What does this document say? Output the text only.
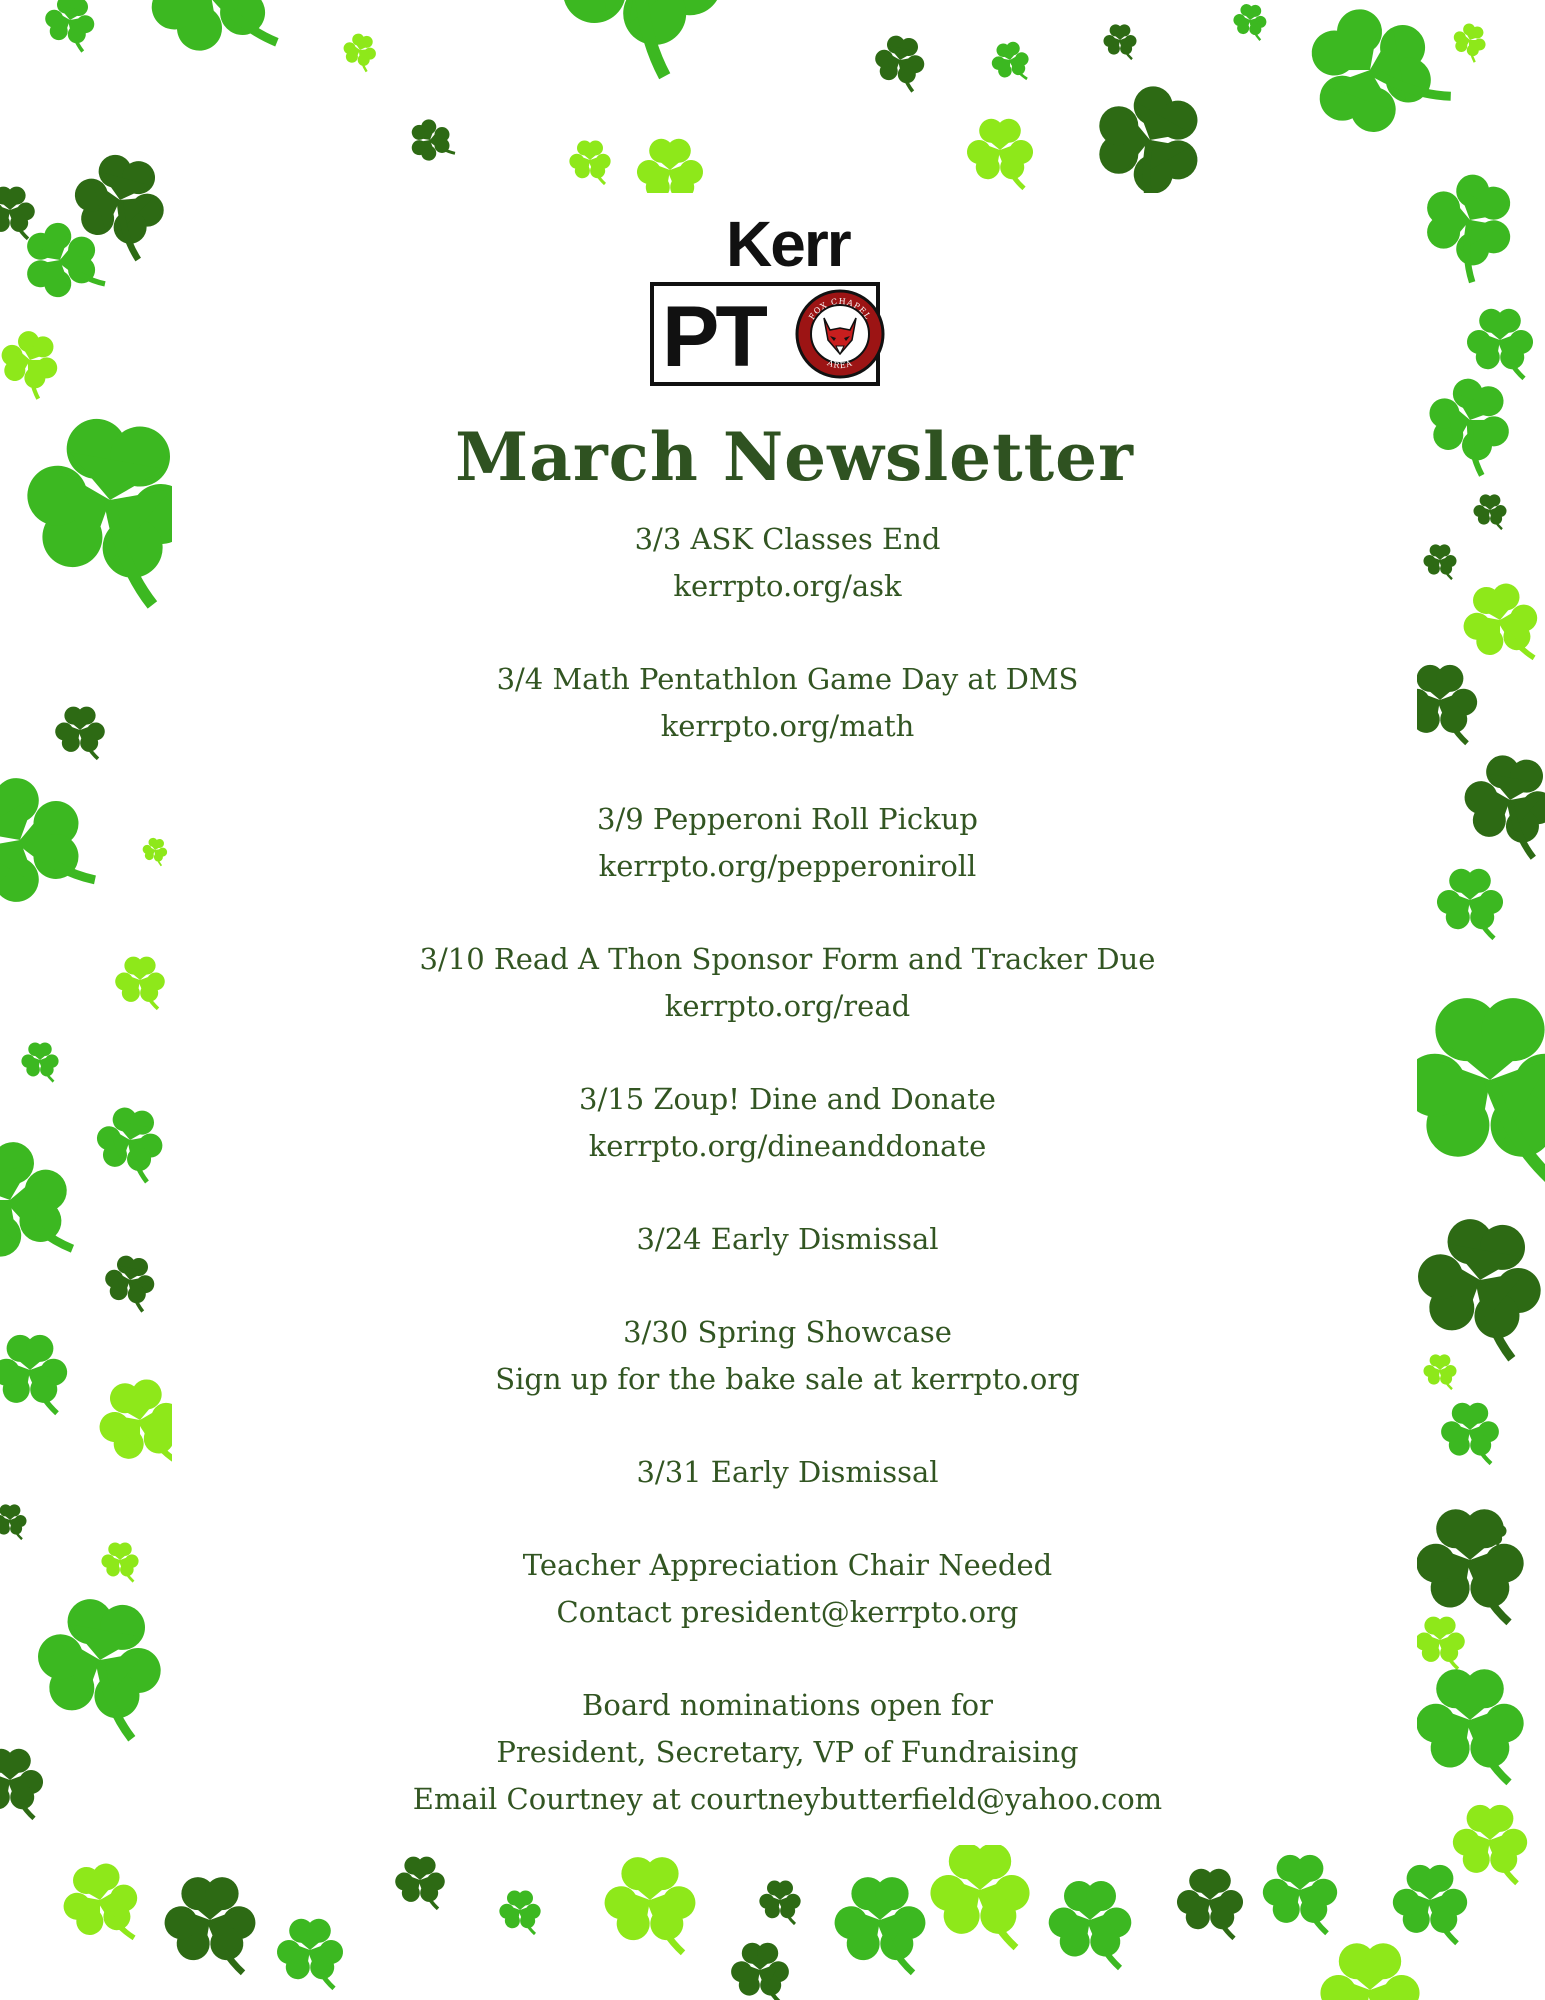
Kerr
PT	FOX CHAPEL
AREA
March Newsletter
3/3 ASK Classes End
kerrpto.org/ask
3/4 Math Pentathlon Game Day at DMS
kerrpto.org/math
3/9 Pepperoni Roll Pickup
kerrpto.org/pepperoniroll
3/10 Read A Thon Sponsor Form and Tracker Due
kerrpto.org/read
3/15 Zoup! Dine and Donate
kerrpto.org/dineanddonate
3/24 Early Dismissal
3/30 Spring Showcase
Sign up for the bake sale at kerrpto.org
3/31 Early Dismissal
Teacher Appreciation Chair Needed
Contact president@kerrpto.org
Board nominations open for
President, Secretary, VP of Fundraising
Email Courtney at courtneybutterfield@yahoo.com
